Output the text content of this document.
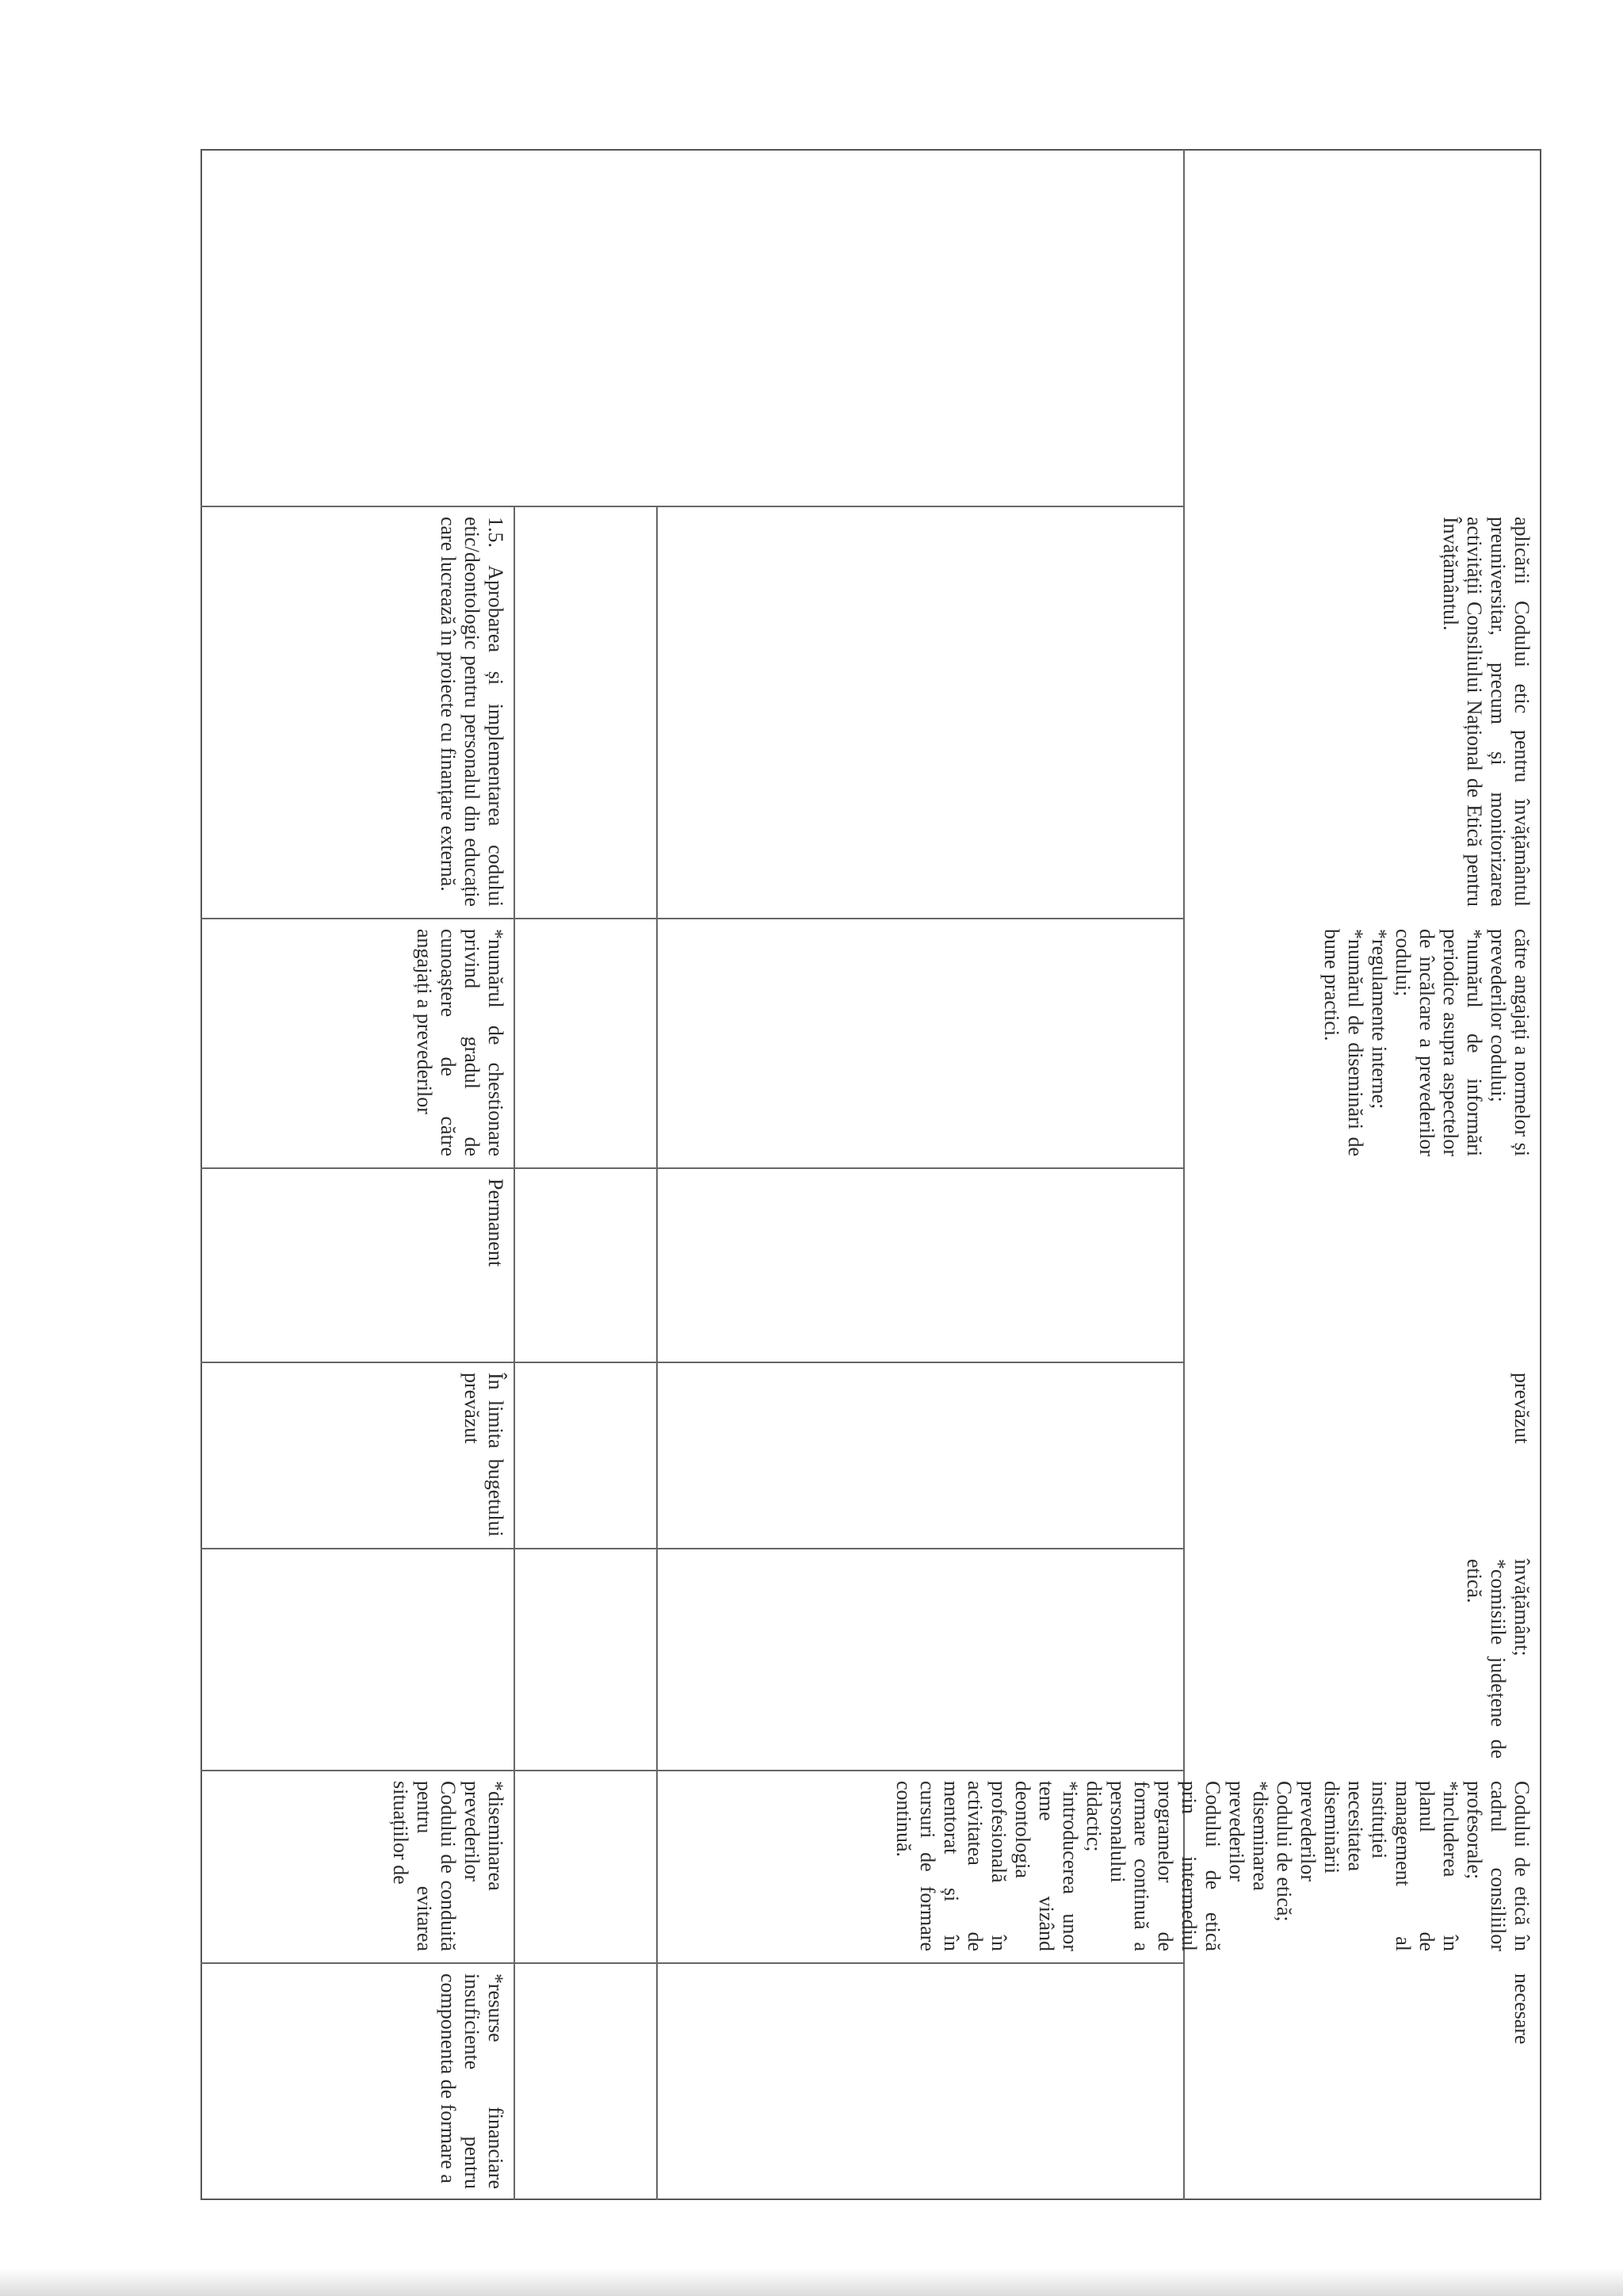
aplicării Codului etic pentru învățământul preuniversitar, precum și monitorizarea activității Consiliului Național de Etică pentru Învățământul.
către angajați a normelor și prevederilor codului;
*numărul de informări periodice asupra aspectelor de încălcare a prevederilor codului;
*regulamente interne;
*numărul de diseminări de bune practici.
prevăzut
învățământ;
*comisiile județene de etică.
Codului de etică în cadrul consiliilor profesorale;
*includerea în planul de management al instituției necesitatea diseminării prevederilor Codului de etică;
*diseminarea prevederilor Codului de etică prin intermediul programelor de formare continuă a personalului didactic;
*introducerea unor teme vizând deontologia profesională în activitatea de mentorat și în cursuri de formare continuă.
necesare
1.5. Aprobarea și implementarea codului etic/deontologic pentru personalul din educație care lucrează în proiecte cu finanțare externă.
*numărul de chestionare privind gradul de cunoaștere de către angajați a prevederilor
Permanent
În limita bugetului prevăzut
*diseminarea prevederilor Codului de conduită pentru evitarea situațiilor de
*resurse financiare insuficiente pentru componenta de formare a
